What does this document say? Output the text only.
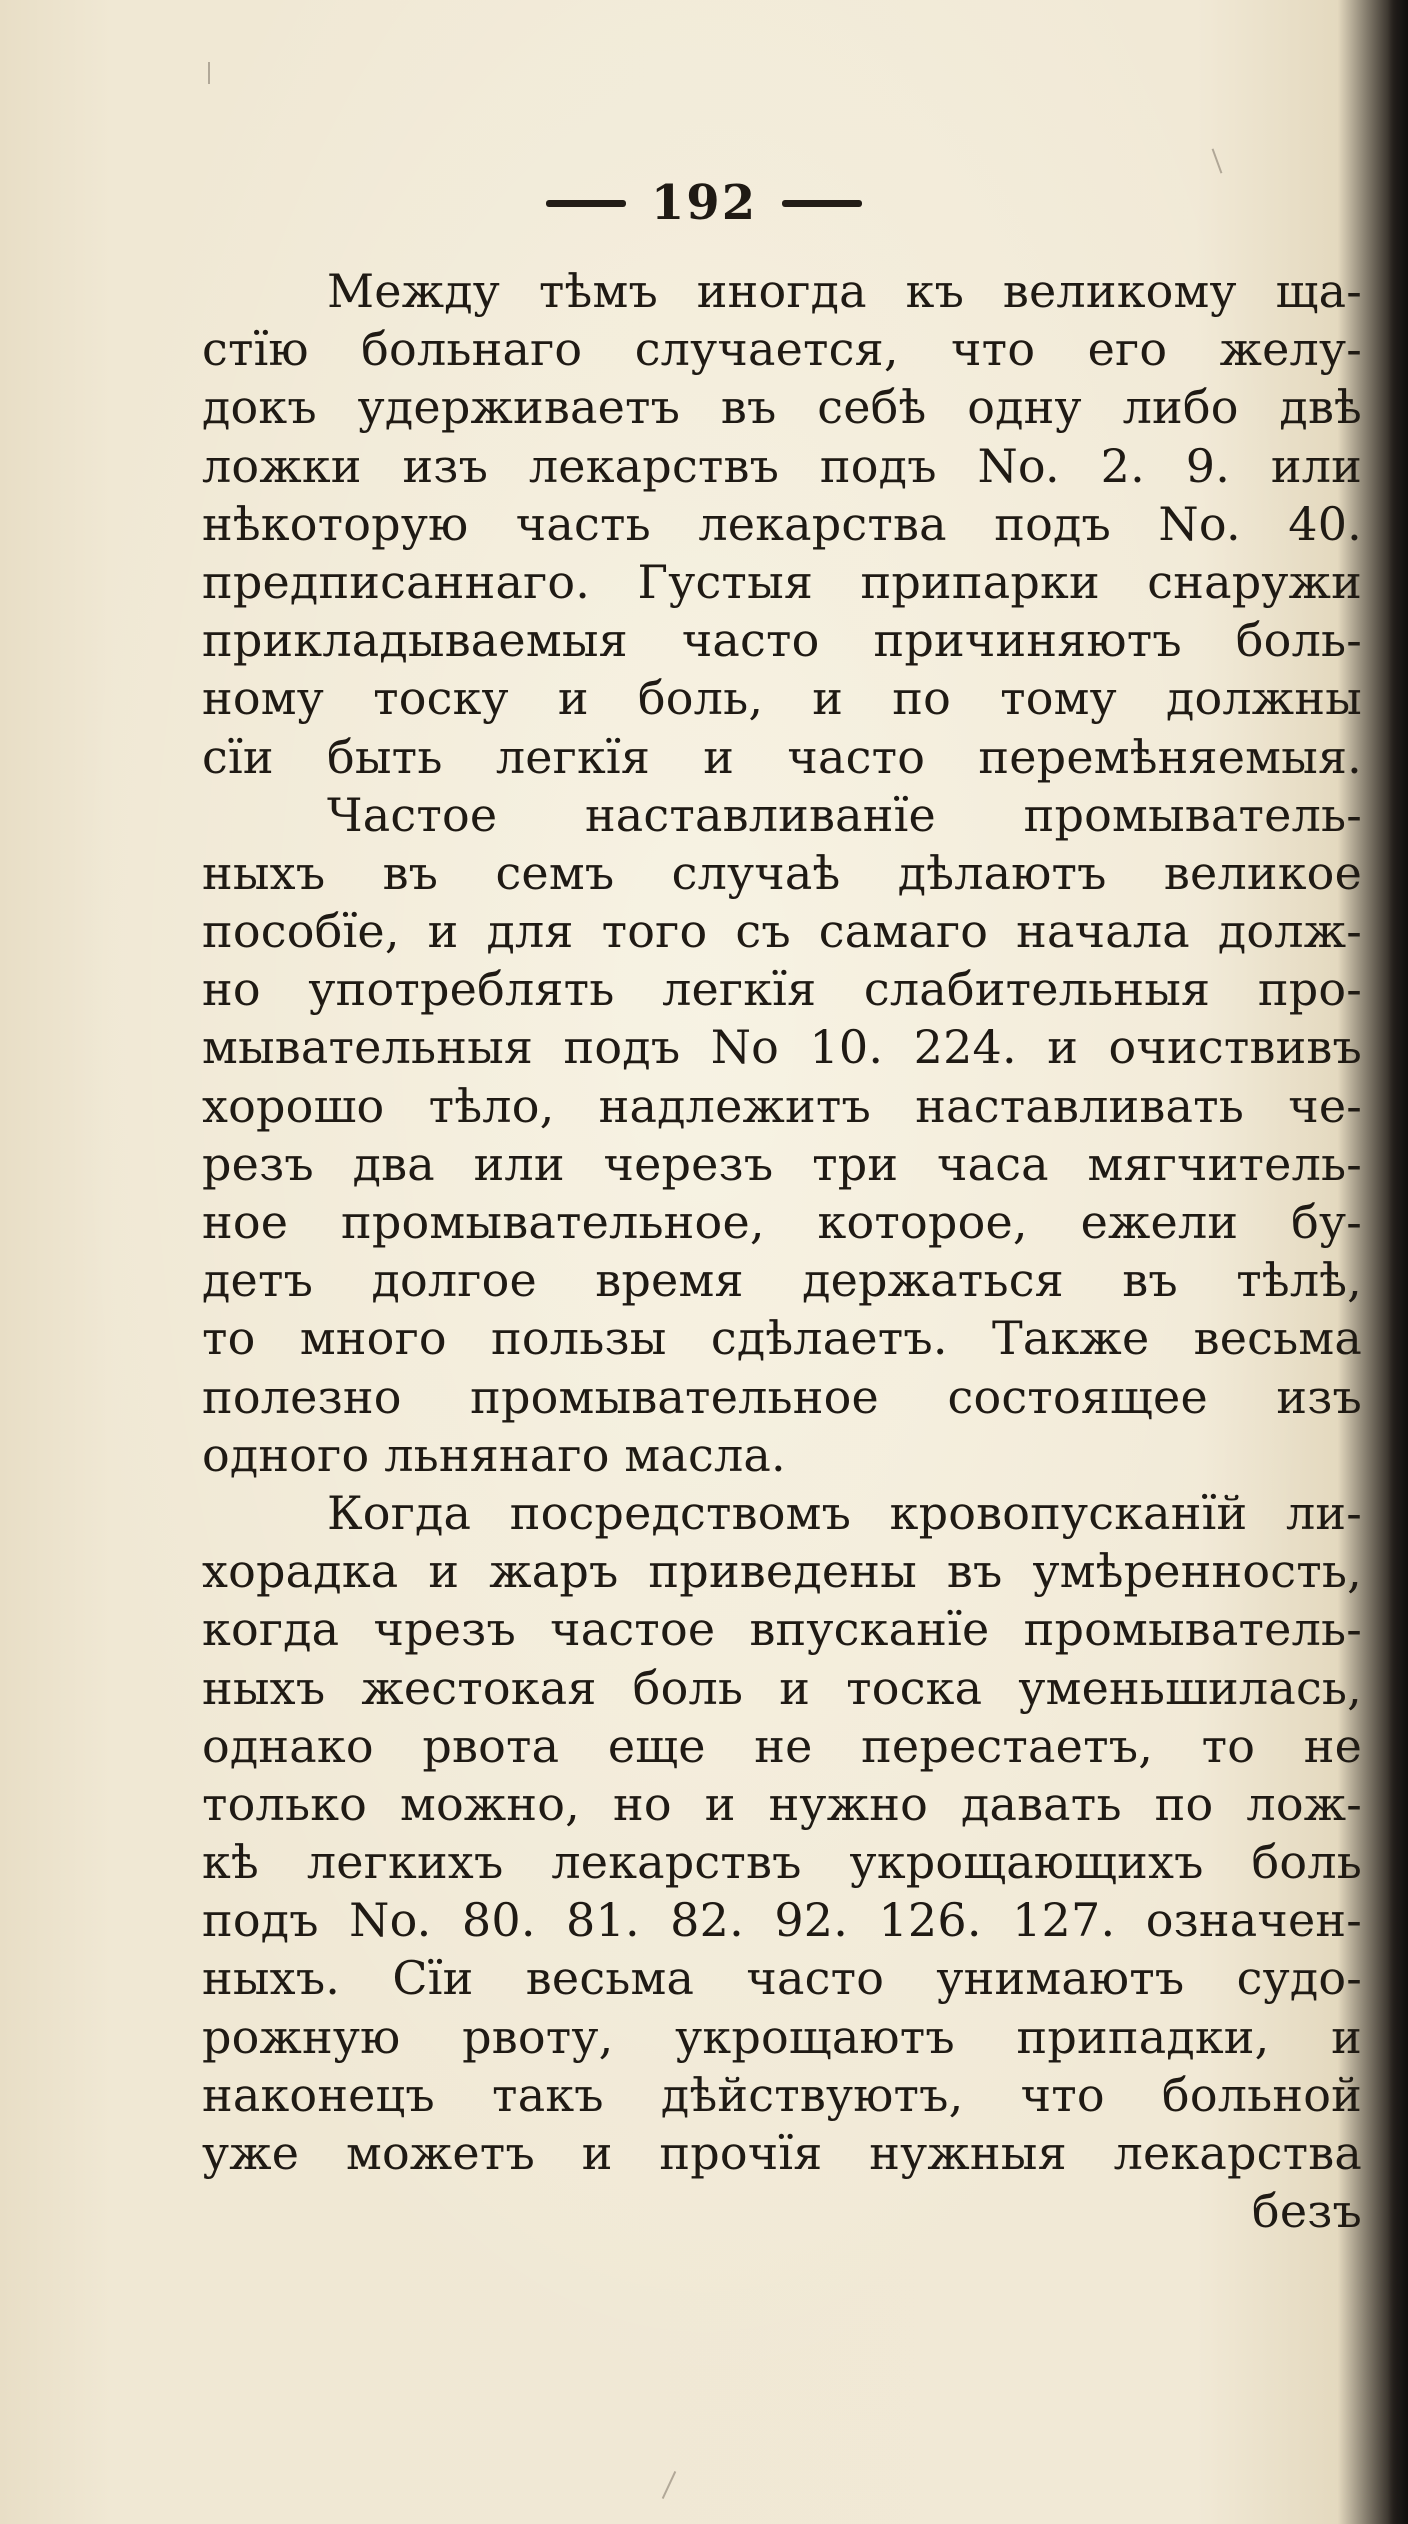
192
Между тѣмъ иногда къ великому ща-
стїю больнаго случается, что его желу-
докъ удерживаетъ въ себѣ одну либо двѣ
ложки изъ лекарствъ подъ No. 2. 9. или
нѣкоторую часть лекарства подъ No. 40.
предписаннаго. Густыя припарки снаружи
прикладываемыя часто причиняютъ боль-
ному тоску и боль, и по тому должны
сїи быть легкїя и часто перемѣняемыя.
Частое наставливанїе промыватель-
ныхъ въ семъ случаѣ дѣлаютъ великое
пособїе, и для того съ самаго начала долж-
но употреблять легкїя слабительныя про-
мывательныя подъ No 10. 224. и очиствивъ
хорошо тѣло, надлежитъ наставливать че-
резъ два или черезъ три часа мягчитель-
ное промывательное, которое, ежели бу-
детъ долгое время держаться въ тѣлѣ,
то много пользы сдѣлаетъ. Также весьма
полезно промывательное состоящее изъ
одного льнянаго масла.
Когда посредствомъ кровопусканїй ли-
хорадка и жаръ приведены въ умѣренность,
когда чрезъ частое впусканїе промыватель-
ныхъ жестокая боль и тоска уменьшилась,
однако рвота еще не перестаетъ, то не
только можно, но и нужно давать по лож-
кѣ легкихъ лекарствъ укрощающихъ боль
подъ No. 80. 81. 82. 92. 126. 127. означен-
ныхъ. Сїи весьма часто унимаютъ судо-
рожную рвоту, укрощаютъ припадки, и
наконецъ такъ дѣйствуютъ, что больной
уже можетъ и прочїя нужныя лекарства
безъ
